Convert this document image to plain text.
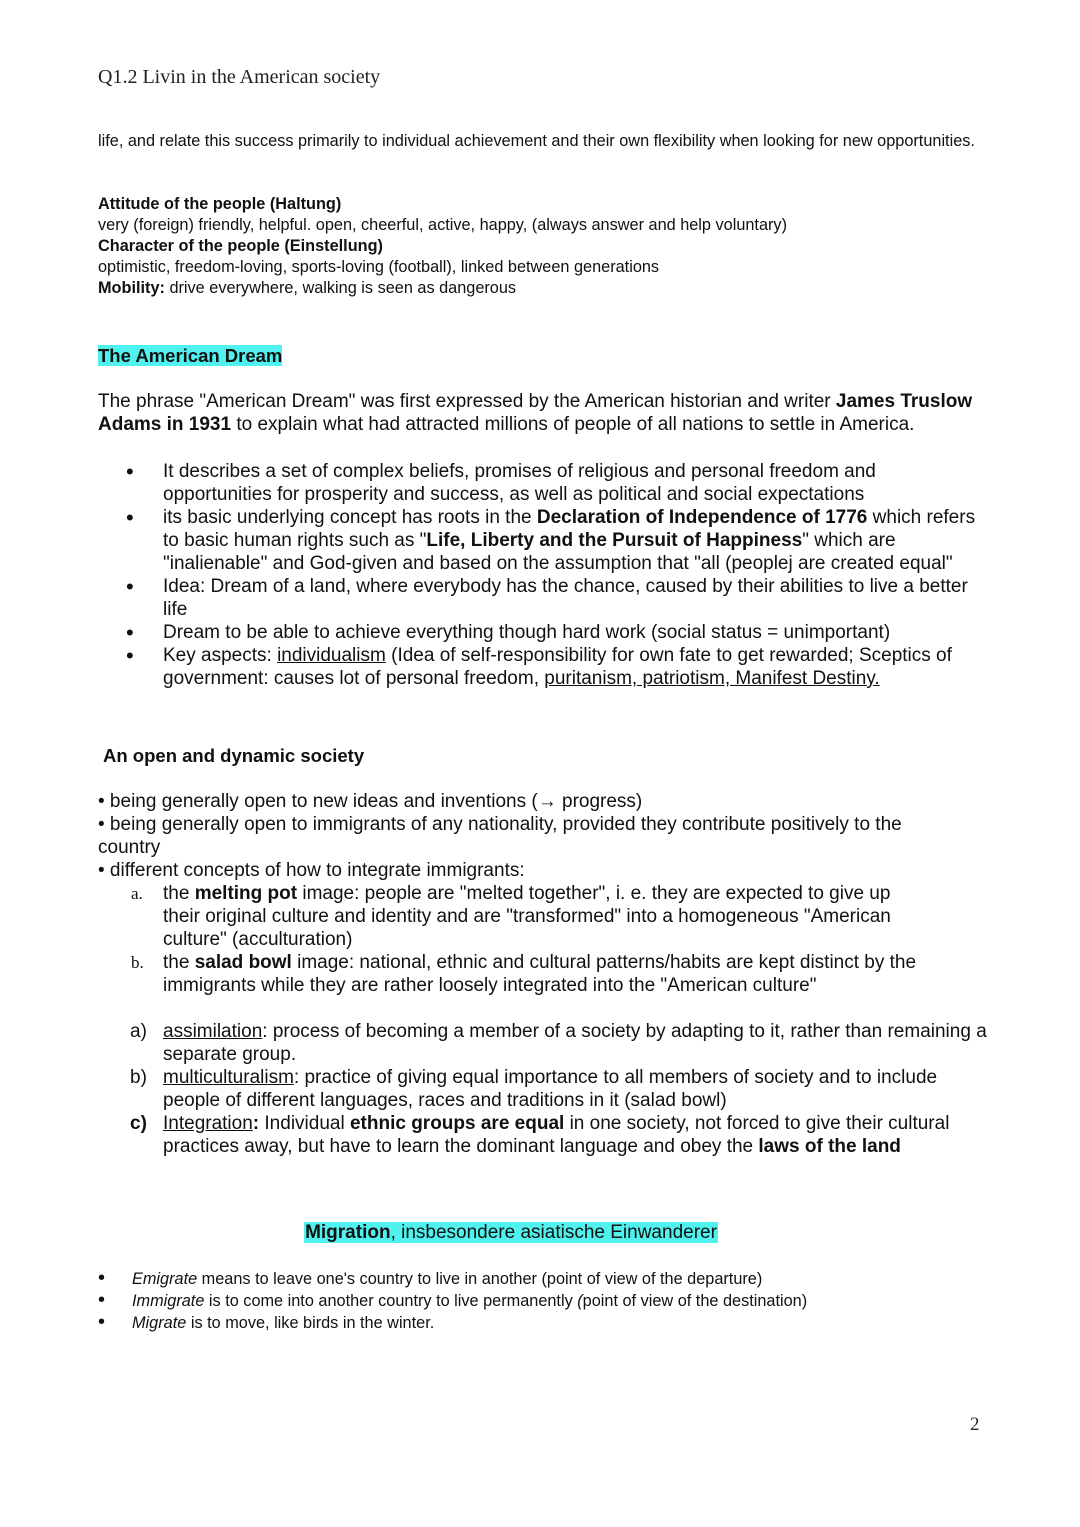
Q1.2 Livin in the American society
life, and relate this success primarily to individual achievement and their own flexibility when looking for new opportunities.
Attitude of the people (Haltung)
very (foreign) friendly, helpful. open, cheerful, active, happy, (always answer and help voluntary)
Character of the people (Einstellung)
optimistic, freedom-loving, sports-loving (football), linked between generations
Mobility: drive everywhere, walking is seen as dangerous
The American Dream
The phrase "American Dream" was first expressed by the American historian and writer James Truslow Adams in 1931 to explain what had attracted millions of people of all nations to settle in America.
• It describes a set of complex beliefs, promises of religious and personal freedom and opportunities for prosperity and success, as well as political and social expectations
• its basic underlying concept has roots in the Declaration of Independence of 1776 which refers to basic human rights such as "Life, Liberty and the Pursuit of Happiness" which are "inalienable" and God-given and based on the assumption that "all (peoplej are created equal"
• Idea: Dream of a land, where everybody has the chance, caused by their abilities to live a better life
• Dream to be able to achieve everything though hard work (social status = unimportant)
• Key aspects: individualism (Idea of self-responsibility for own fate to get rewarded; Sceptics of government: causes lot of personal freedom, puritanism, patriotism, Manifest Destiny.
An open and dynamic society
• being generally open to new ideas and inventions (→ progress)
• being generally open to immigrants of any nationality, provided they contribute positively to the country
• different concepts of how to integrate immigrants:
a. the melting pot image: people are "melted together", i. e. they are expected to give up their original culture and identity and are "transformed" into a homogeneous "American culture" (acculturation)
b. the salad bowl image: national, ethnic and cultural patterns/habits are kept distinct by the immigrants while they are rather loosely integrated into the "American culture"
a) assimilation: process of becoming a member of a society by adapting to it, rather than remaining a separate group.
b) multiculturalism: practice of giving equal importance to all members of society and to include people of different languages, races and traditions in it (salad bowl)
c) Integration: Individual ethnic groups are equal in one society, not forced to give their cultural practices away, but have to learn the dominant language and obey the laws of the land
Migration, insbesondere asiatische Einwanderer
• Emigrate means to leave one's country to live in another (point of view of the departure)
• Immigrate is to come into another country to live permanently (point of view of the destination)
• Migrate is to move, like birds in the winter.
2
